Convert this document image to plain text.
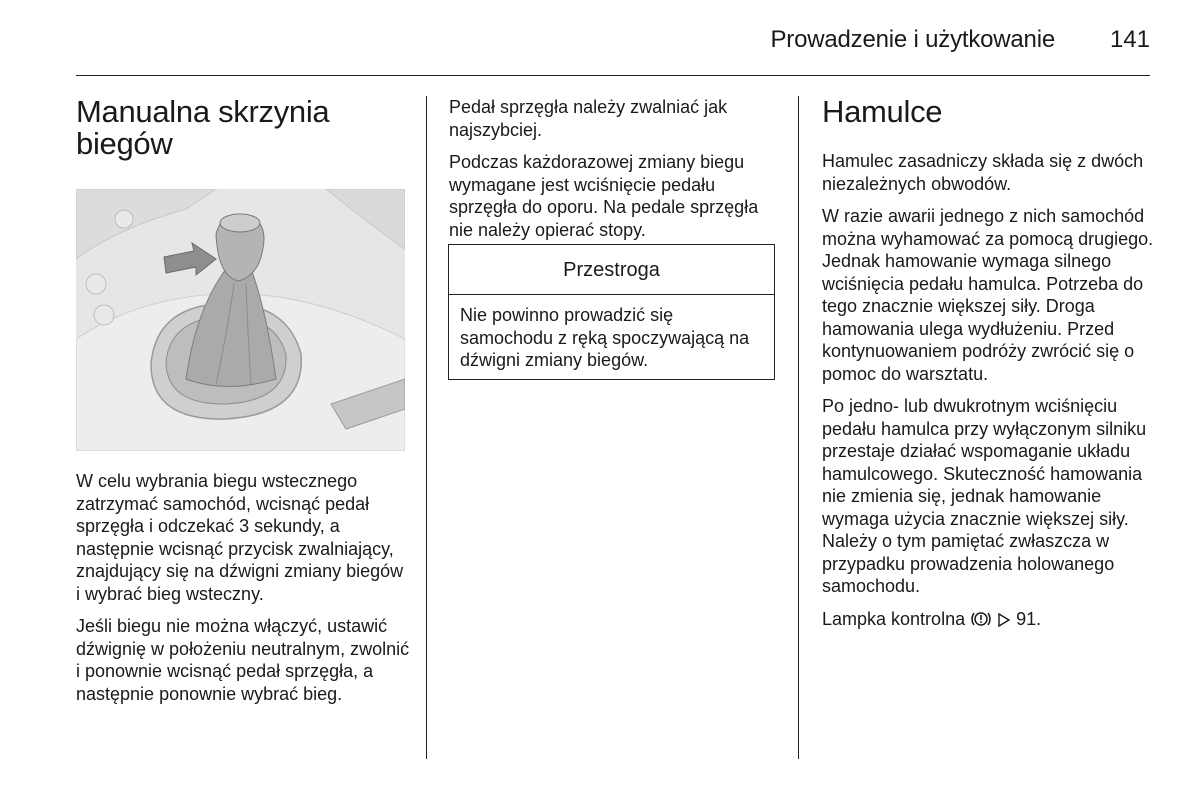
Prowadzenie i użytkowanie 141
Manualna skrzynia
biegów

W celu wybrania biegu wstecznego zatrzymać samochód, wcisnąć pedał sprzęgła i odczekać 3 sekundy, a następnie wcisnąć przycisk zwalniający, znajdujący się na dźwigni zmiany biegów i wybrać bieg wsteczny.

Jeśli biegu nie można włączyć, ustawić dźwignię w położeniu neutralnym, zwolnić i ponownie wcisnąć pedał sprzęgła, a następnie ponownie wybrać bieg.

Pedał sprzęgła należy zwalniać jak najszybciej.

Podczas każdorazowej zmiany biegu wymagane jest wciśnięcie pedału sprzęgła do oporu. Na pedale sprzęgła nie należy opierać stopy.

Przestroga
Nie powinno prowadzić się samochodu z ręką spoczywającą na dźwigni zmiany biegów.
Hamulce

Hamulec zasadniczy składa się z dwóch niezależnych obwodów.

W razie awarii jednego z nich samochód można wyhamować za pomocą drugiego. Jednak hamowanie wymaga silnego wciśnięcia pedału hamulca. Potrzeba do tego znacznie większej siły. Droga hamowania ulega wydłużeniu. Przed kontynuowaniem podróży zwrócić się o pomoc do warsztatu.

Po jedno- lub dwukrotnym wciśnięciu pedału hamulca przy wyłączonym silniku przestaje działać wspomaganie układu hamulcowego. Skuteczność hamowania nie zmienia się, jednak hamowanie wymaga użycia znacznie większej siły. Należy o tym pamiętać zwłaszcza w przypadku prowadzenia holowanego samochodu.

Lampka kontrolna	91.
